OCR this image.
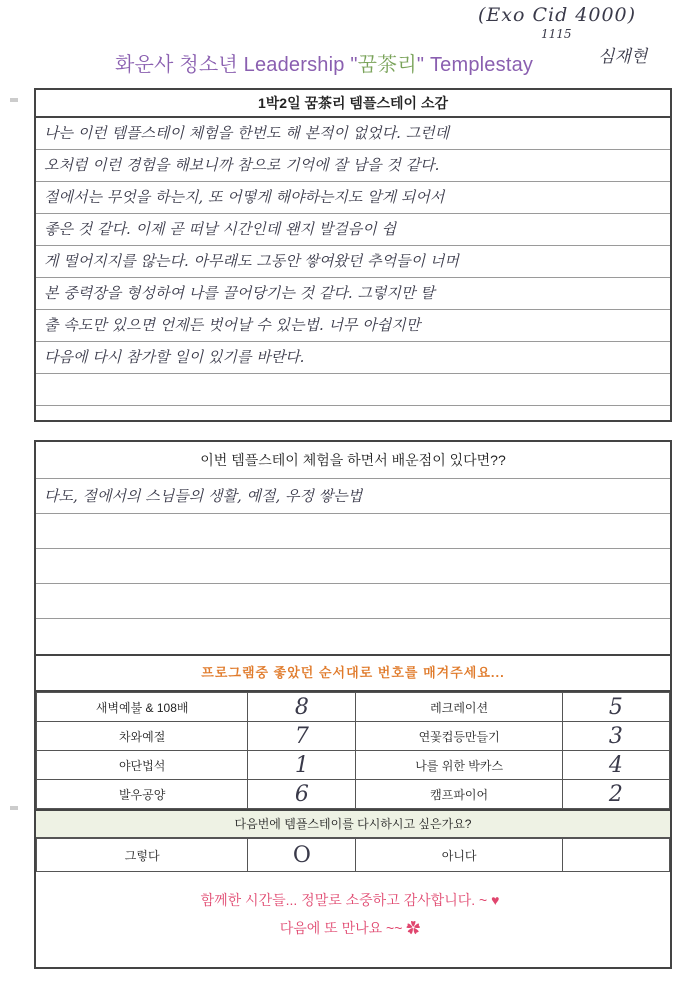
(Exo Cid 4000)
1115
화운사 청소년 Leadership "꿈茶리" Templestay	심재현
1박2일 꿈茶리 템플스테이 소감
나는 이런 템플스테이 체험을 한번도 해 본적이 없었다. 그런데
오처럼 이런 경험을 해보니까 참으로 기억에 잘 남을 것 같다.
절에서는 무엇을 하는지, 또 어떻게 해야하는지도 알게 되어서
좋은 것 같다. 이제 곧 떠날 시간인데 왠지 발걸음이 쉽
게 떨어지지를 않는다. 아무래도 그동안 쌓여왔던 추억들이 너머
본 중력장을 형성하여 나를 끌어당기는 것 같다. 그렇지만 탈
출 속도만 있으면 언제든 벗어날 수 있는법. 너무 아쉽지만
다음에 다시 참가할 일이 있기를 바란다.
이번 템플스테이 체험을 하면서 배운점이 있다면??
다도, 절에서의 스님들의 생활, 예절, 우정 쌓는법
프로그램중 좋았던 순서대로 번호를 매겨주세요...
새벽예불 & 108배	8	레크레이션	5
차와예절	7	연꽃컵등만들기	3
야단법석	1	나를 위한 박카스	4
발우공양	6	캠프파이어	2
다음번에 템플스테이를 다시하시고 싶은가요?
그렇다	O	아니다	
함께한 시간들... 정말로 소중하고 감사합니다. ~ ♥
다음에 또 만나요 ~~ ✿
